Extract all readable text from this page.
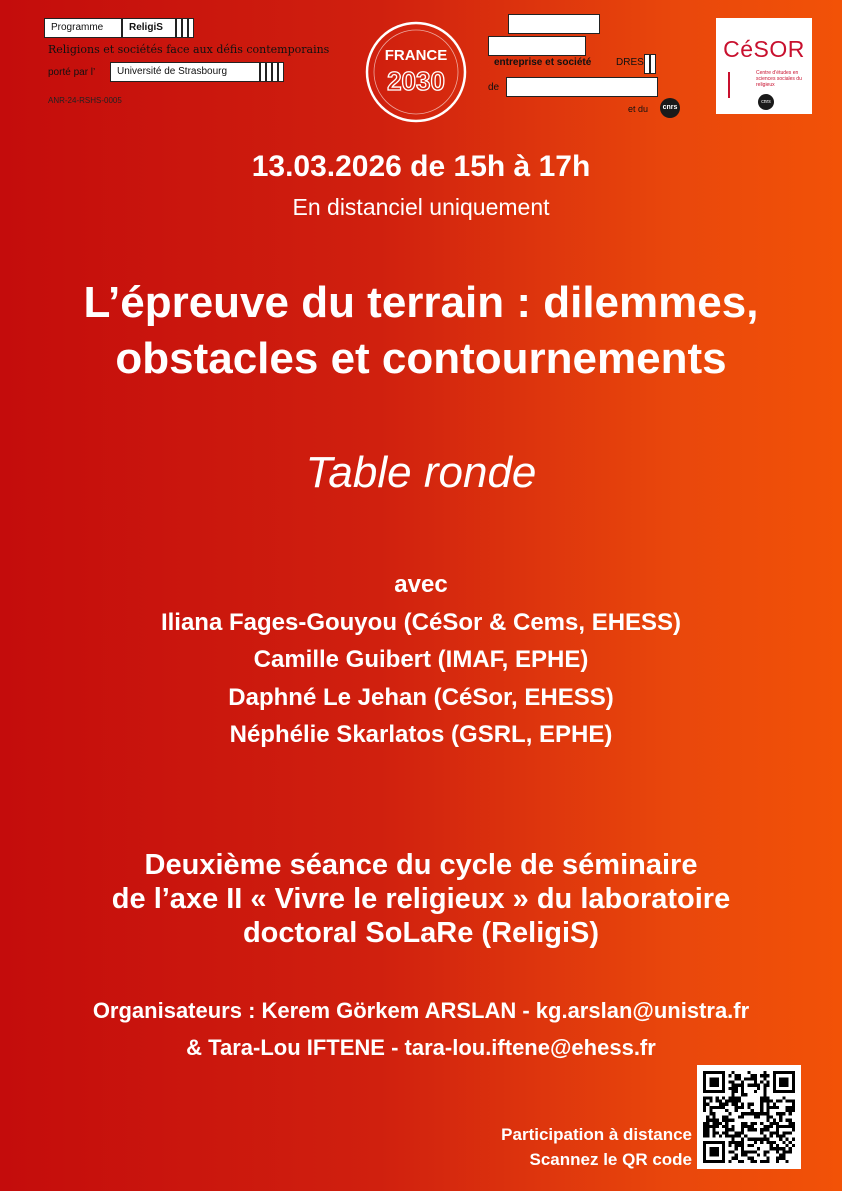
Programme	ReligiS
Religions et sociétés face aux défis contemporains
porté par l’	Université de Strasbourg
ANR-24-RSHS-0005
FRANCE
2030
Laboratoire
Droit, religion,
entreprise et société DRES
de	l’Université de Strasbourg
et du	cnrs
CéSOR
Centre d’études en sciences sociales du religieux
cnrs
13.03.2026 de 15h à 17h
En distanciel uniquement
L’épreuve du terrain : dilemmes,
obstacles et contournements
Table ronde
avec
Iliana Fages-Gouyou (CéSor & Cems, EHESS)
Camille Guibert (IMAF, EPHE)
Daphné Le Jehan (CéSor, EHESS)
Néphélie Skarlatos (GSRL, EPHE)
Deuxième séance du cycle de séminaire
de l’axe II « Vivre le religieux » du laboratoire
doctoral SoLaRe (ReligiS)
Organisateurs : Kerem Görkem ARSLAN - kg.arslan@unistra.fr
& Tara-Lou IFTENE - tara-lou.iftene@ehess.fr
Participation à distance
Scannez le QR code
